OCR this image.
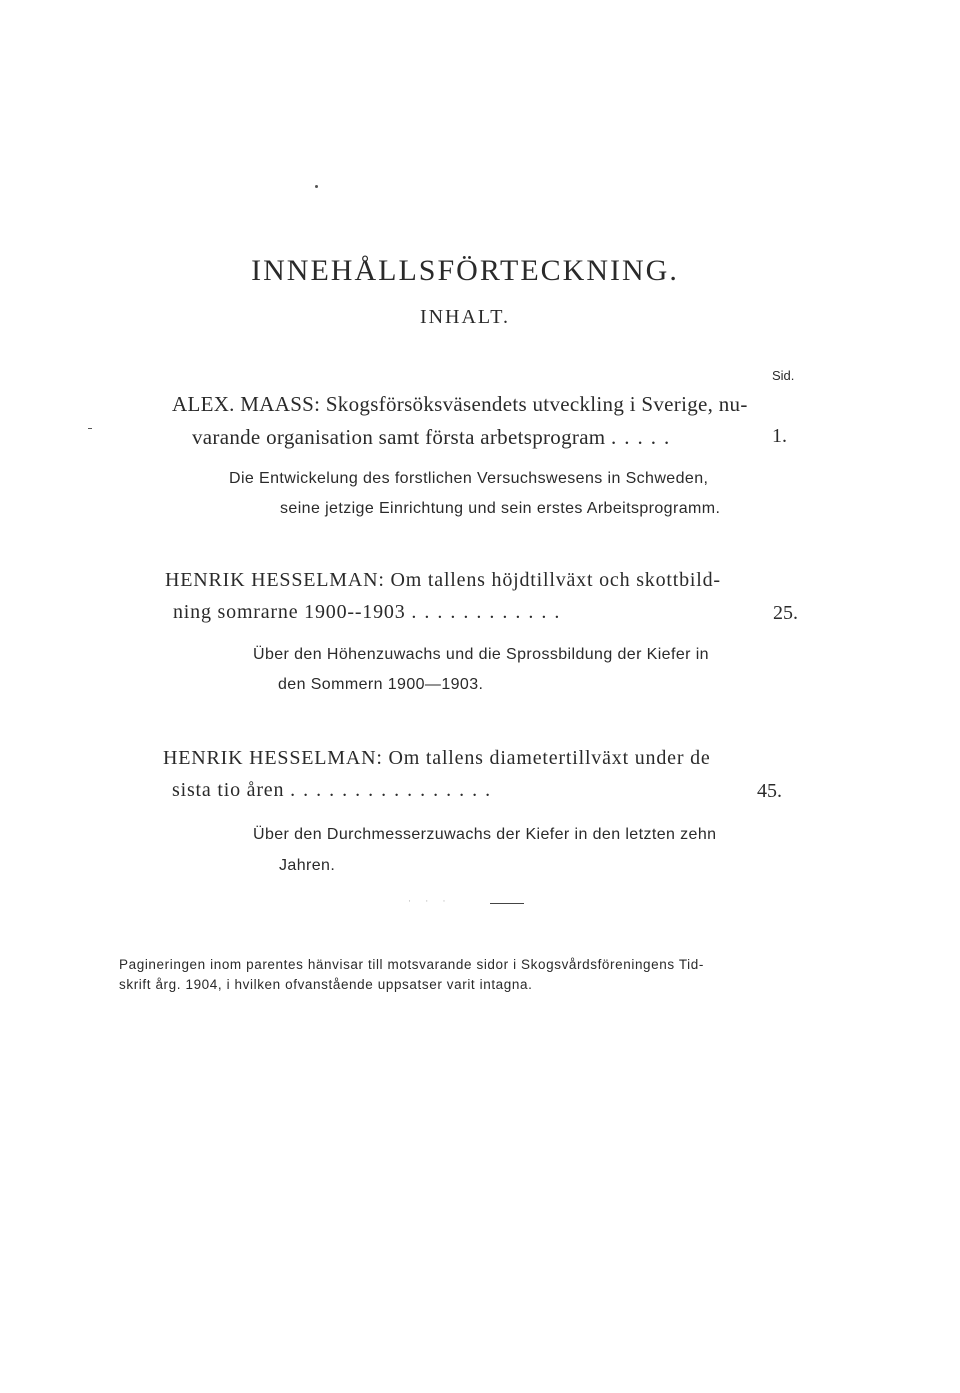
INNEHÅLLSFÖRTECKNING.
INHALT.
Sid.
ALEX. MAASS: Skogsförsöksväsendets utveckling i Sverige, nu-
varande organisation samt första arbetsprogram .....	1.
Die Entwickelung des forstlichen Versuchswesens in Schweden,
seine jetzige Einrichtung und sein erstes Arbeitsprogramm.
HENRIK HESSELMAN: Om tallens höjdtillväxt och skottbild-
ning somrarne 1900--1903 ............	25.
Über den Höhenzuwachs und die Sprossbildung der Kiefer in
den Sommern 1900—1903.
HENRIK HESSELMAN: Om tallens diametertillväxt under de
sista tio åren ................	45.
Über den Durchmesserzuwachs der Kiefer in den letzten zehn
Jahren.
· · ·
Pagineringen inom parentes hänvisar till motsvarande sidor i Skogsvårdsföreningens Tid-
skrift årg. 1904, i hvilken ofvanstående uppsatser varit intagna.
